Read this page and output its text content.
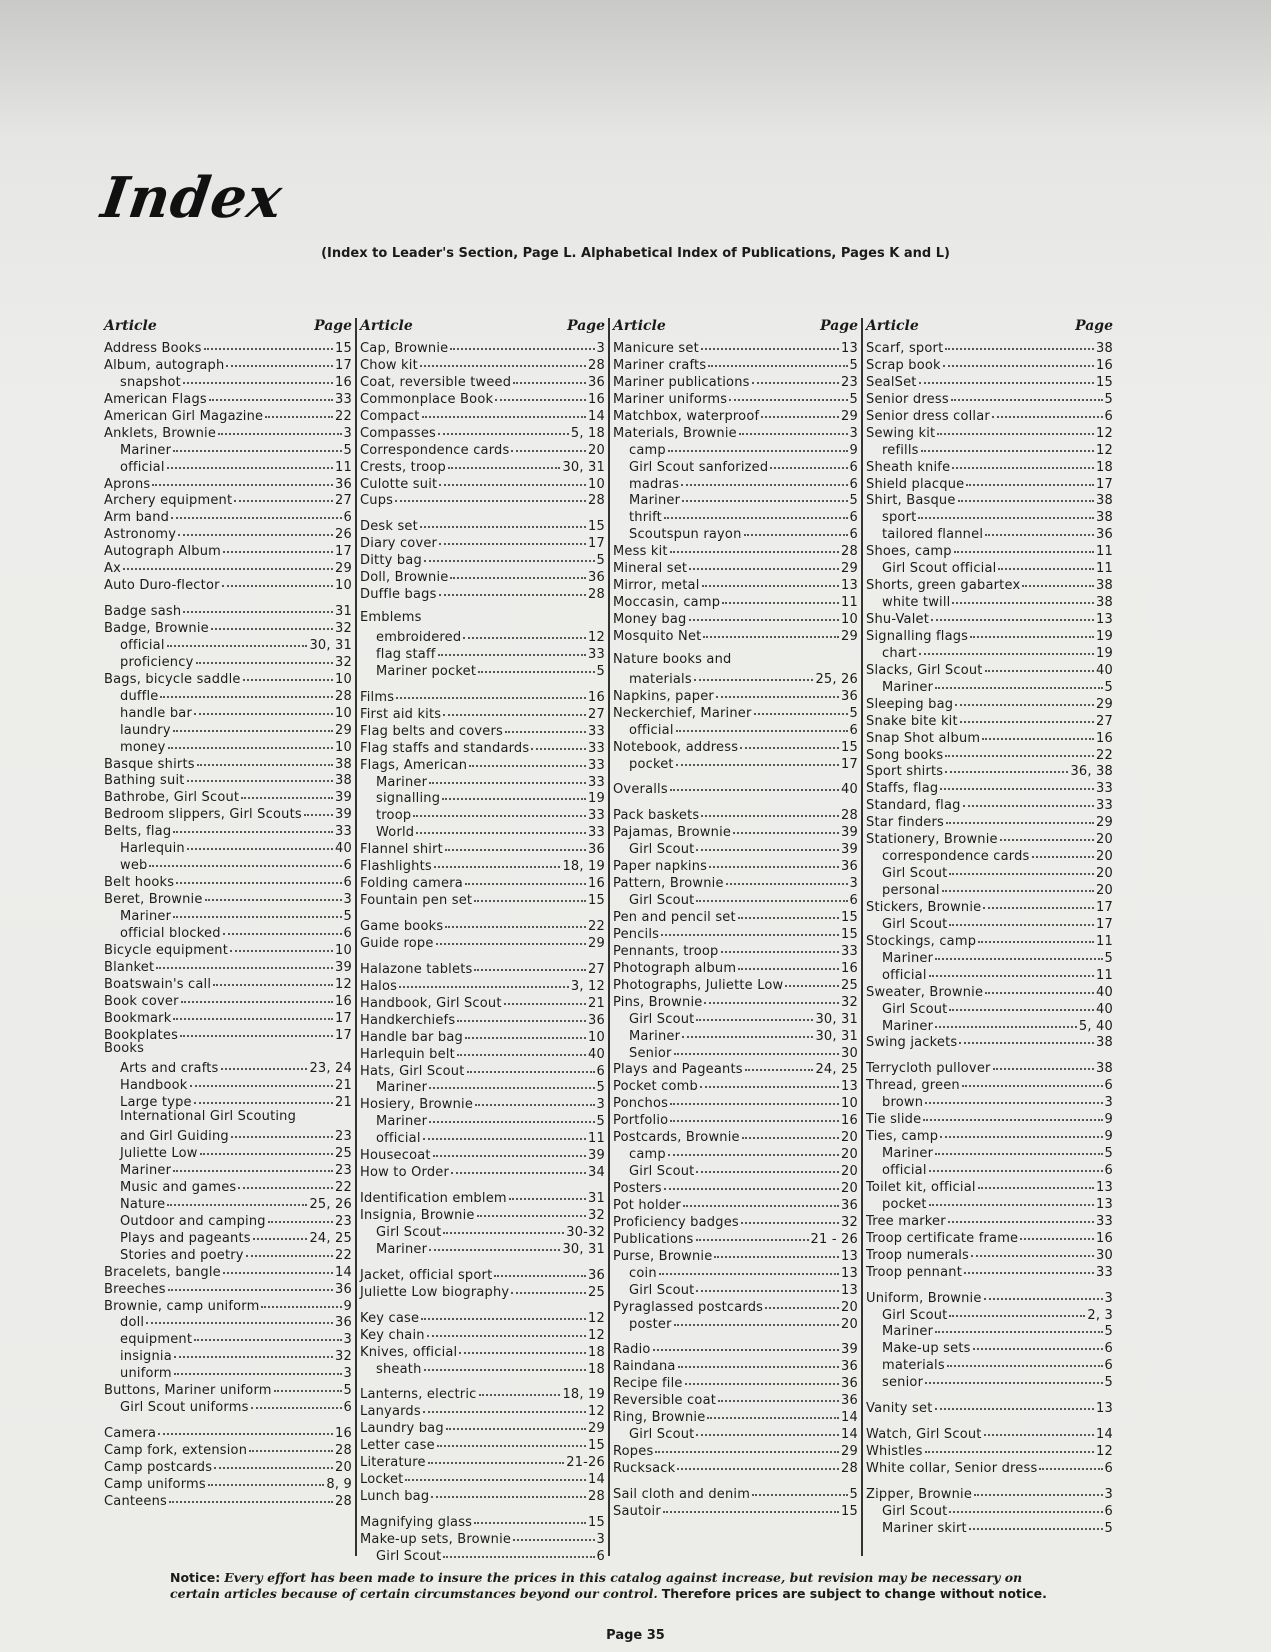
Index
(Index to Leader's Section, Page L. Alphabetical Index of Publications, Pages K and L)
Article	Page
Address Books	15
Album, autograph	17
snapshot	16
American Flags	33
American Girl Magazine	22
Anklets, Brownie	3
Mariner	5
official	11
Aprons	36
Archery equipment	27
Arm band	6
Astronomy	26
Autograph Album	17
Ax	29
Auto Duro-flector	10
Badge sash	31
Badge, Brownie	32
official	30, 31
proficiency	32
Bags, bicycle saddle	10
duffle	28
handle bar	10
laundry	29
money	10
Basque shirts	38
Bathing suit	38
Bathrobe, Girl Scout	39
Bedroom slippers, Girl Scouts	39
Belts, flag	33
Harlequin	40
web	6
Belt hooks	6
Beret, Brownie	3
Mariner	5
official blocked	6
Bicycle equipment	10
Blanket	39
Boatswain's call	12
Book cover	16
Bookmark	17
Bookplates	17
Books
Arts and crafts	23, 24
Handbook	21
Large type	21
International Girl Scouting
and Girl Guiding	23
Juliette Low	25
Mariner	23
Music and games	22
Nature	25, 26
Outdoor and camping	23
Plays and pageants	24, 25
Stories and poetry	22
Bracelets, bangle	14
Breeches	36
Brownie, camp uniform	9
doll	36
equipment	3
insignia	32
uniform	3
Buttons, Mariner uniform	5
Girl Scout uniforms	6
Camera	16
Camp fork, extension	28
Camp postcards	20
Camp uniforms	8, 9
Canteens	28
Article	Page
Cap, Brownie	3
Chow kit	28
Coat, reversible tweed	36
Commonplace Book	16
Compact	14
Compasses	5, 18
Correspondence cards	20
Crests, troop	30, 31
Culotte suit	10
Cups	28
Desk set	15
Diary cover	17
Ditty bag	5
Doll, Brownie	36
Duffle bags	28
Emblems
embroidered	12
flag staff	33
Mariner pocket	5
Films	16
First aid kits	27
Flag belts and covers	33
Flag staffs and standards	33
Flags, American	33
Mariner	33
signalling	19
troop	33
World	33
Flannel shirt	36
Flashlights	18, 19
Folding camera	16
Fountain pen set	15
Game books	22
Guide rope	29
Halazone tablets	27
Halos	3, 12
Handbook, Girl Scout	21
Handkerchiefs	36
Handle bar bag	10
Harlequin belt	40
Hats, Girl Scout	6
Mariner	5
Hosiery, Brownie	3
Mariner	5
official	11
Housecoat	39
How to Order	34
Identification emblem	31
Insignia, Brownie	32
Girl Scout	30-32
Mariner	30, 31
Jacket, official sport	36
Juliette Low biography	25
Key case	12
Key chain	12
Knives, official	18
sheath	18
Lanterns, electric	18, 19
Lanyards	12
Laundry bag	29
Letter case	15
Literature	21-26
Locket	14
Lunch bag	28
Magnifying glass	15
Make-up sets, Brownie	3
Girl Scout	6
Article	Page
Manicure set	13
Mariner crafts	5
Mariner publications	23
Mariner uniforms	5
Matchbox, waterproof	29
Materials, Brownie	3
camp	9
Girl Scout sanforized	6
madras	6
Mariner	5
thrift	6
Scoutspun rayon	6
Mess kit	28
Mineral set	29
Mirror, metal	13
Moccasin, camp	11
Money bag	10
Mosquito Net	29
Nature books and
materials	25, 26
Napkins, paper	36
Neckerchief, Mariner	5
official	6
Notebook, address	15
pocket	17
Overalls	40
Pack baskets	28
Pajamas, Brownie	39
Girl Scout	39
Paper napkins	36
Pattern, Brownie	3
Girl Scout	6
Pen and pencil set	15
Pencils	15
Pennants, troop	33
Photograph album	16
Photographs, Juliette Low	25
Pins, Brownie	32
Girl Scout	30, 31
Mariner	30, 31
Senior	30
Plays and Pageants	24, 25
Pocket comb	13
Ponchos	10
Portfolio	16
Postcards, Brownie	20
camp	20
Girl Scout	20
Posters	20
Pot holder	36
Proficiency badges	32
Publications	21 - 26
Purse, Brownie	13
coin	13
Girl Scout	13
Pyraglassed postcards	20
poster	20
Radio	39
Raindana	36
Recipe file	36
Reversible coat	36
Ring, Brownie	14
Girl Scout	14
Ropes	29
Rucksack	28
Sail cloth and denim	5
Sautoir	15
Article	Page
Scarf, sport	38
Scrap book	16
SealSet	15
Senior dress	5
Senior dress collar	6
Sewing kit	12
refills	12
Sheath knife	18
Shield placque	17
Shirt, Basque	38
sport	38
tailored flannel	36
Shoes, camp	11
Girl Scout official	11
Shorts, green gabartex	38
white twill	38
Shu-Valet	13
Signalling flags	19
chart	19
Slacks, Girl Scout	40
Mariner	5
Sleeping bag	29
Snake bite kit	27
Snap Shot album	16
Song books	22
Sport shirts	36, 38
Staffs, flag	33
Standard, flag	33
Star finders	29
Stationery, Brownie	20
correspondence cards	20
Girl Scout	20
personal	20
Stickers, Brownie	17
Girl Scout	17
Stockings, camp	11
Mariner	5
official	11
Sweater, Brownie	40
Girl Scout	40
Mariner	5, 40
Swing jackets	38
Terrycloth pullover	38
Thread, green	6
brown	3
Tie slide	9
Ties, camp	9
Mariner	5
official	6
Toilet kit, official	13
pocket	13
Tree marker	33
Troop certificate frame	16
Troop numerals	30
Troop pennant	33
Uniform, Brownie	3
Girl Scout	2, 3
Mariner	5
Make-up sets	6
materials	6
senior	5
Vanity set	13
Watch, Girl Scout	14
Whistles	12
White collar, Senior dress	6
Zipper, Brownie	3
Girl Scout	6
Mariner skirt	5
Notice: Every effort has been made to insure the prices in this catalog against increase, but revision may be necessary on certain articles because of certain circumstances beyond our control. Therefore prices are subject to change without notice.
Page 35
